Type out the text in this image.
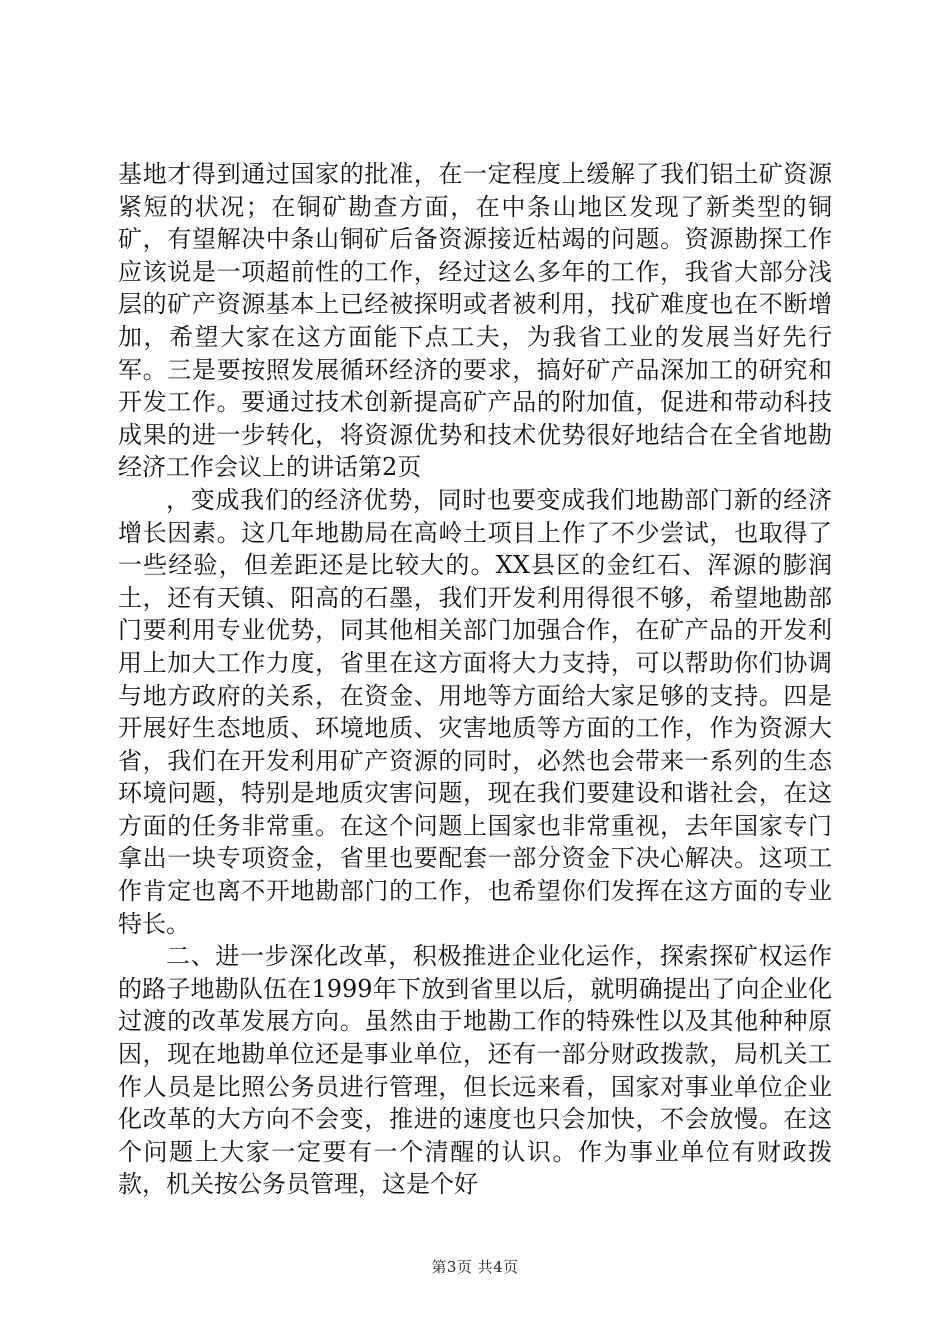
基地才得到通过国家的批准，在一定程度上缓解了我们铝土矿资源紧短的状况；在铜矿勘查方面，在中条山地区发现了新类型的铜矿，有望解决中条山铜矿后备资源接近枯竭的问题。资源勘探工作应该说是一项超前性的工作，经过这么多年的工作，我省大部分浅层的矿产资源基本上已经被探明或者被利用，找矿难度也在不断增加，希望大家在这方面能下点工夫，为我省工业的发展当好先行军。三是要按照发展循环经济的要求，搞好矿产品深加工的研究和开发工作。要通过技术创新提高矿产品的附加值，促进和带动科技成果的进一步转化，将资源优势和技术优势很好地结合在全省地勘经济工作会议上的讲话第2页

，变成我们的经济优势，同时也要变成我们地勘部门新的经济增长因素。这几年地勘局在高岭土项目上作了不少尝试，也取得了一些经验，但差距还是比较大的。XX县区的金红石、浑源的膨润土，还有天镇、阳高的石墨，我们开发利用得很不够，希望地勘部门要利用专业优势，同其他相关部门加强合作，在矿产品的开发利用上加大工作力度，省里在这方面将大力支持，可以帮助你们协调与地方政府的关系，在资金、用地等方面给大家足够的支持。四是开展好生态地质、环境地质、灾害地质等方面的工作，作为资源大省，我们在开发利用矿产资源的同时，必然也会带来一系列的生态环境问题，特别是地质灾害问题，现在我们要建设和谐社会，在这方面的任务非常重。在这个问题上国家也非常重视，去年国家专门拿出一块专项资金，省里也要配套一部分资金下决心解决。这项工作肯定也离不开地勘部门的工作，也希望你们发挥在这方面的专业特长。

二、进一步深化改革，积极推进企业化运作，探索探矿权运作的路子地勘队伍在1999年下放到省里以后，就明确提出了向企业化过渡的改革发展方向。虽然由于地勘工作的特殊性以及其他种种原因，现在地勘单位还是事业单位，还有一部分财政拨款，局机关工作人员是比照公务员进行管理，但长远来看，国家对事业单位企业化改革的大方向不会变，推进的速度也只会加快，不会放慢。在这个问题上大家一定要有一个清醒的认识。作为事业单位有财政拨款，机关按公务员管理，这是个好

第3页 共4页
